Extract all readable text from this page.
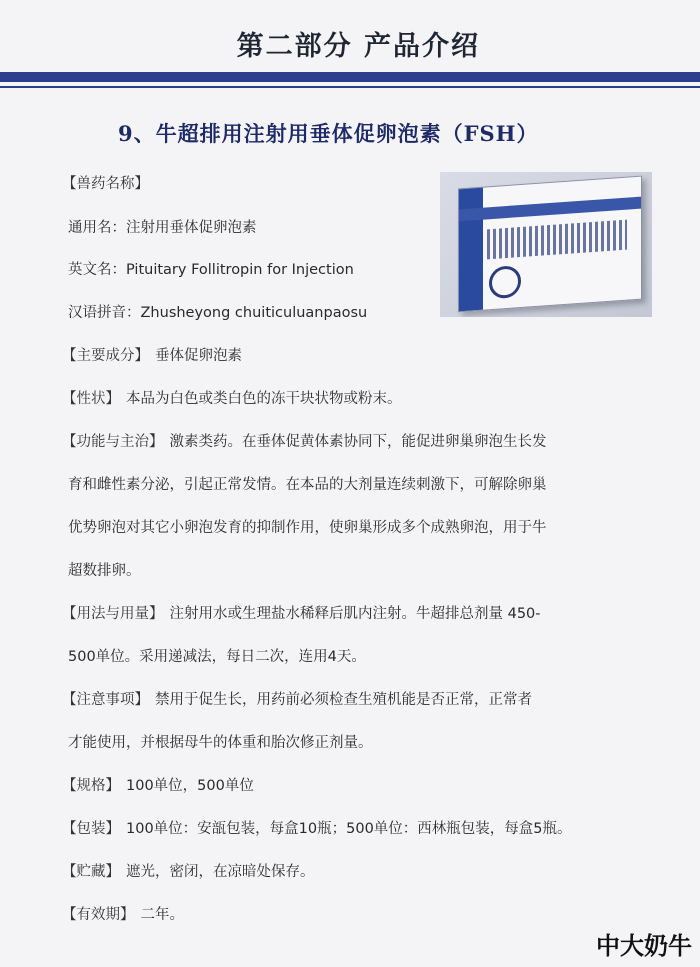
第二部分 产品介绍
9、牛超排用注射用垂体促卵泡素（FSH）
【兽药名称】
通用名：注射用垂体促卵泡素
英文名：Pituitary Follitropin for Injection
汉语拼音：Zhusheyong chuiticuluanpaosu
【主要成分】 垂体促卵泡素
【性状】 本品为白色或类白色的冻干块状物或粉末。
【功能与主治】 激素类药。在垂体促黄体素协同下，能促进卵巢卵泡生长发
育和雌性素分泌，引起正常发情。在本品的大剂量连续刺激下，可解除卵巢
优势卵泡对其它小卵泡发育的抑制作用，使卵巢形成多个成熟卵泡，用于牛
超数排卵。
【用法与用量】 注射用水或生理盐水稀释后肌内注射。牛超排总剂量 450-
500单位。采用递减法，每日二次，连用4天。
【注意事项】 禁用于促生长，用药前必须检查生殖机能是否正常，正常者
才能使用，并根据母牛的体重和胎次修正剂量。
【规格】 100单位，500单位
【包装】 100单位：安瓿包装，每盒10瓶；500单位：西林瓶包装，每盒5瓶。
【贮藏】 遮光，密闭，在凉暗处保存。
【有效期】 二年。
中大奶牛
